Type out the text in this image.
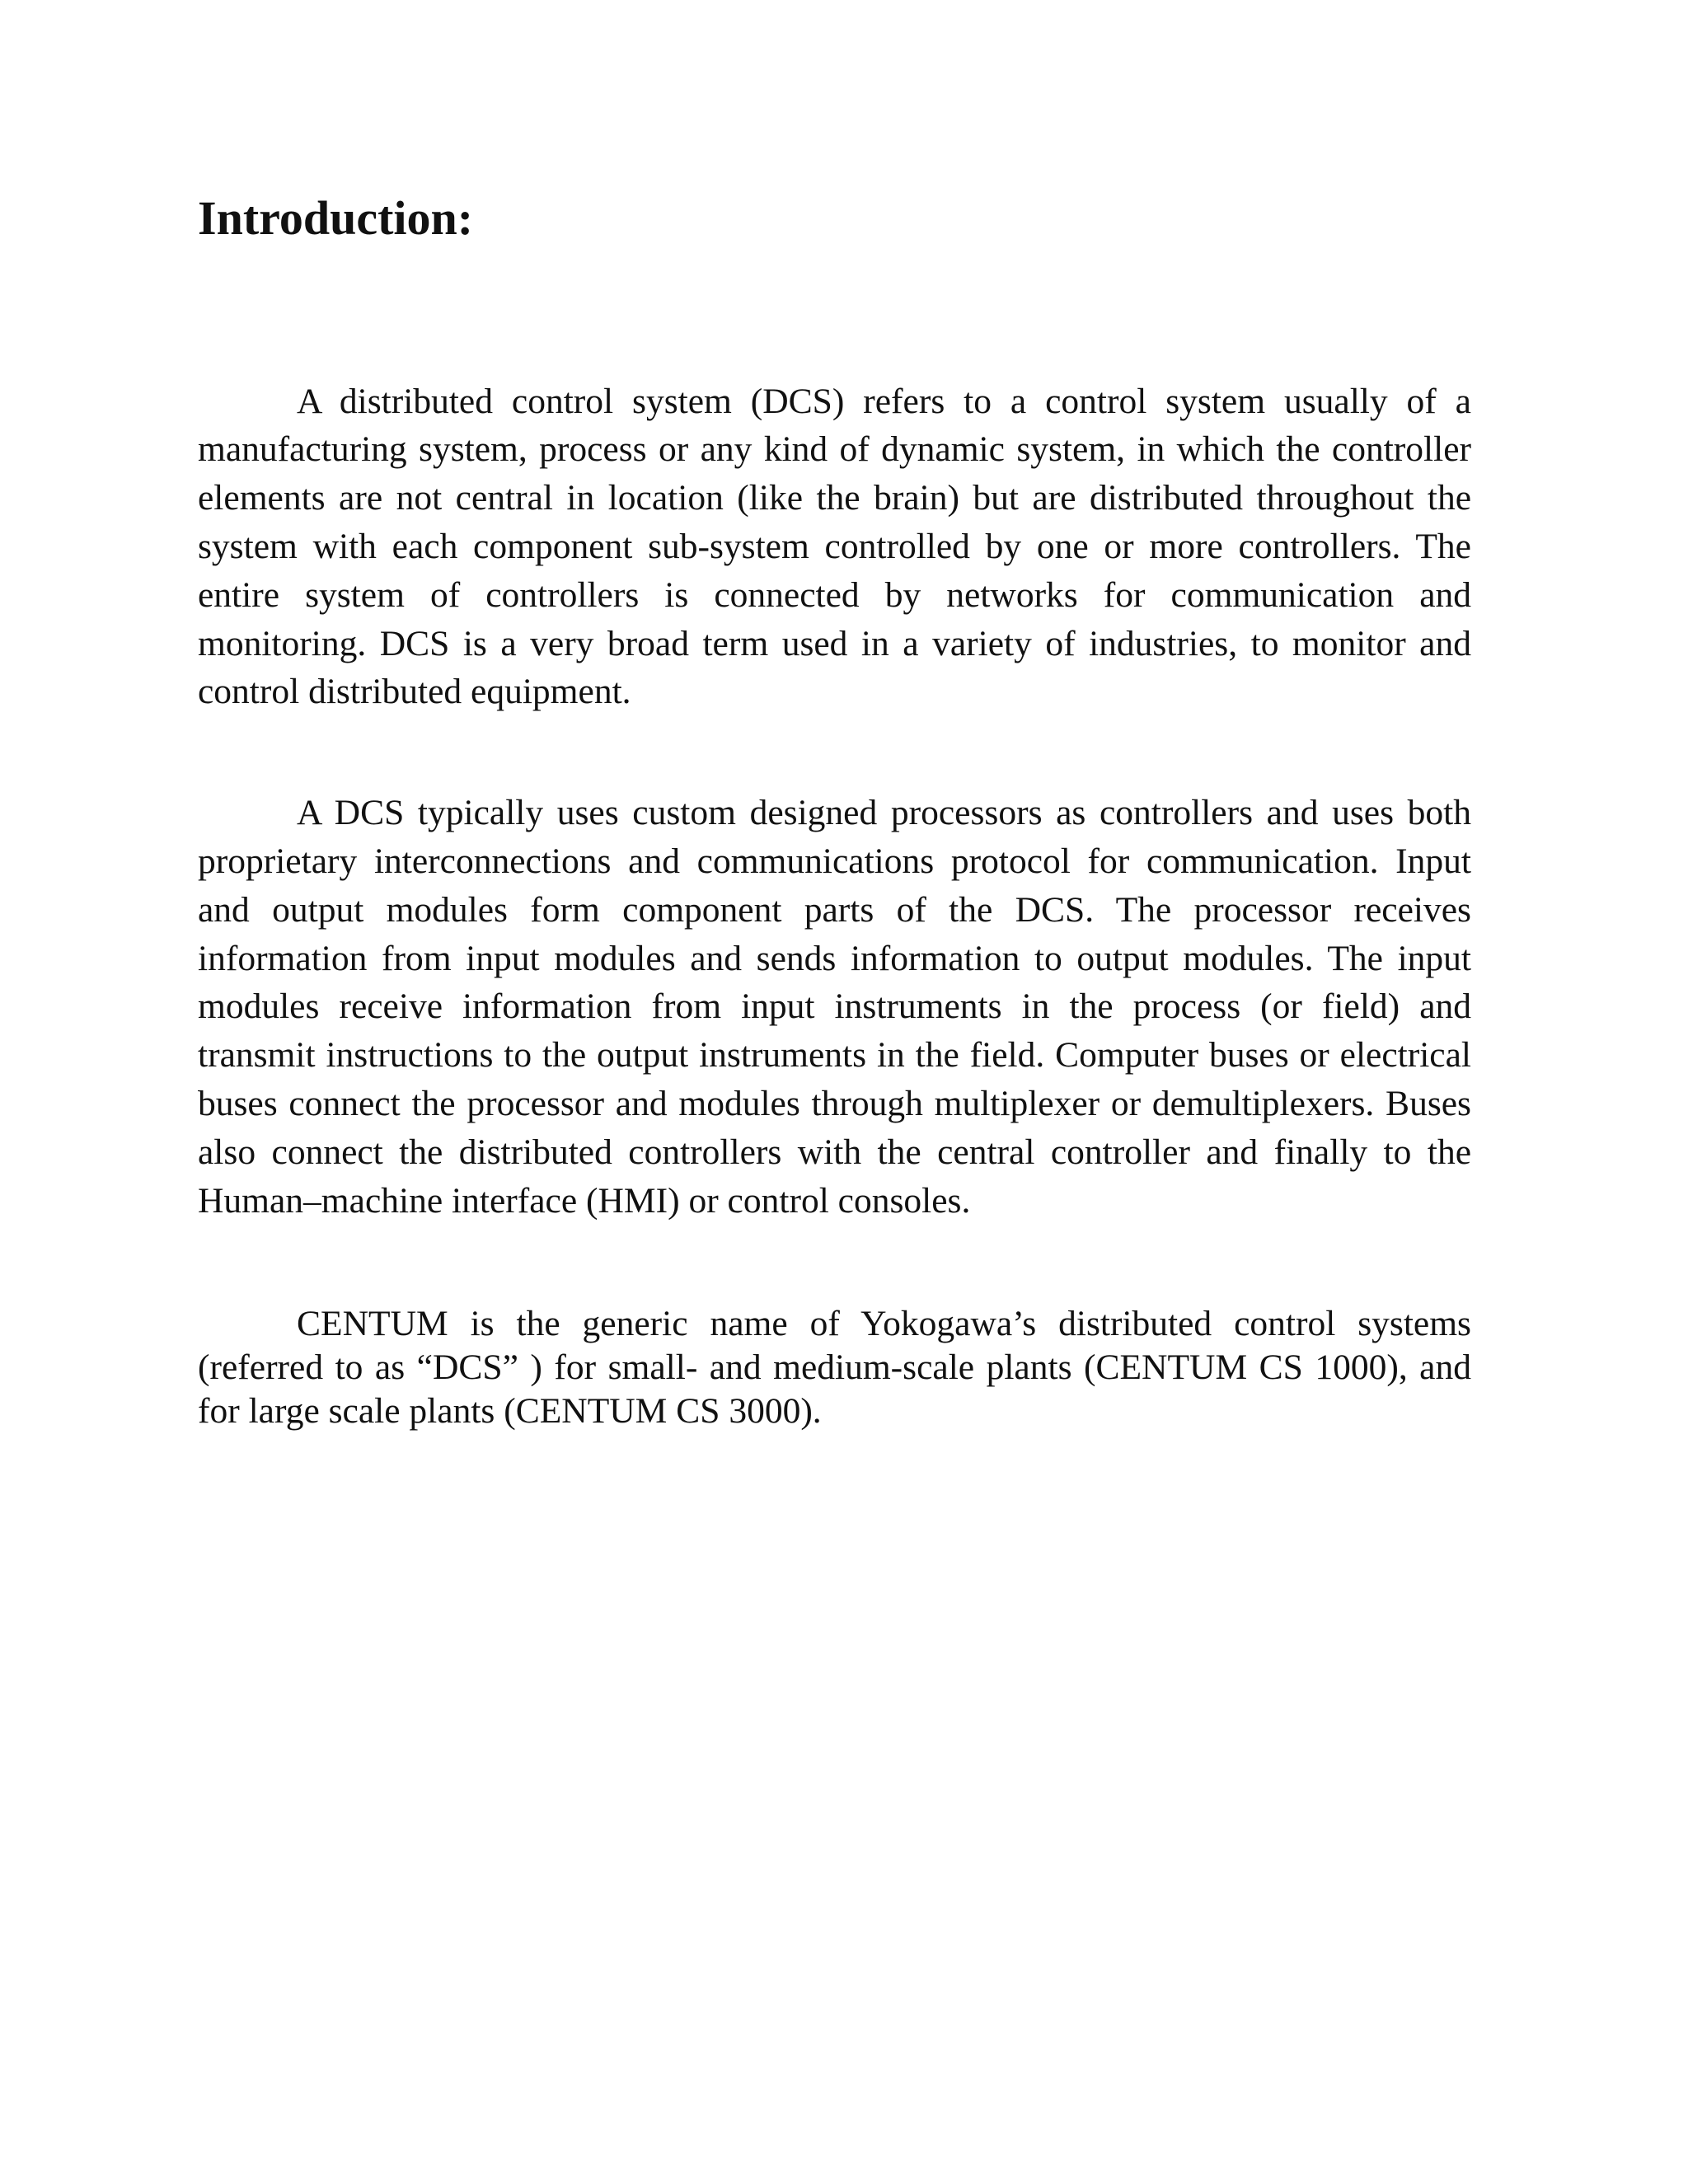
Introduction:

A distributed control system (DCS) refers to a control system usually of a manufacturing system, process or any kind of dynamic system, in which the controller elements are not central in location (like the brain) but are distributed throughout the system with each component sub-system controlled by one or more controllers. The entire system of controllers is connected by networks for communication and monitoring. DCS is a very broad term used in a variety of industries, to monitor and control distributed equipment.

A DCS typically uses custom designed processors as controllers and uses both proprietary interconnections and communications protocol for communication. Input and output modules form component parts of the DCS. The processor receives information from input modules and sends information to output modules. The input modules receive information from input instruments in the process (or field) and transmit instructions to the output instruments in the field. Computer buses or electrical buses connect the processor and modules through multiplexer or demultiplexers. Buses also connect the distributed controllers with the central controller and finally to the Human–machine interface (HMI) or control consoles.

CENTUM is the generic name of Yokogawa’s distributed control systems (referred to as “DCS” ) for small- and medium-scale plants (CENTUM CS 1000), and for large scale plants (CENTUM CS 3000).
